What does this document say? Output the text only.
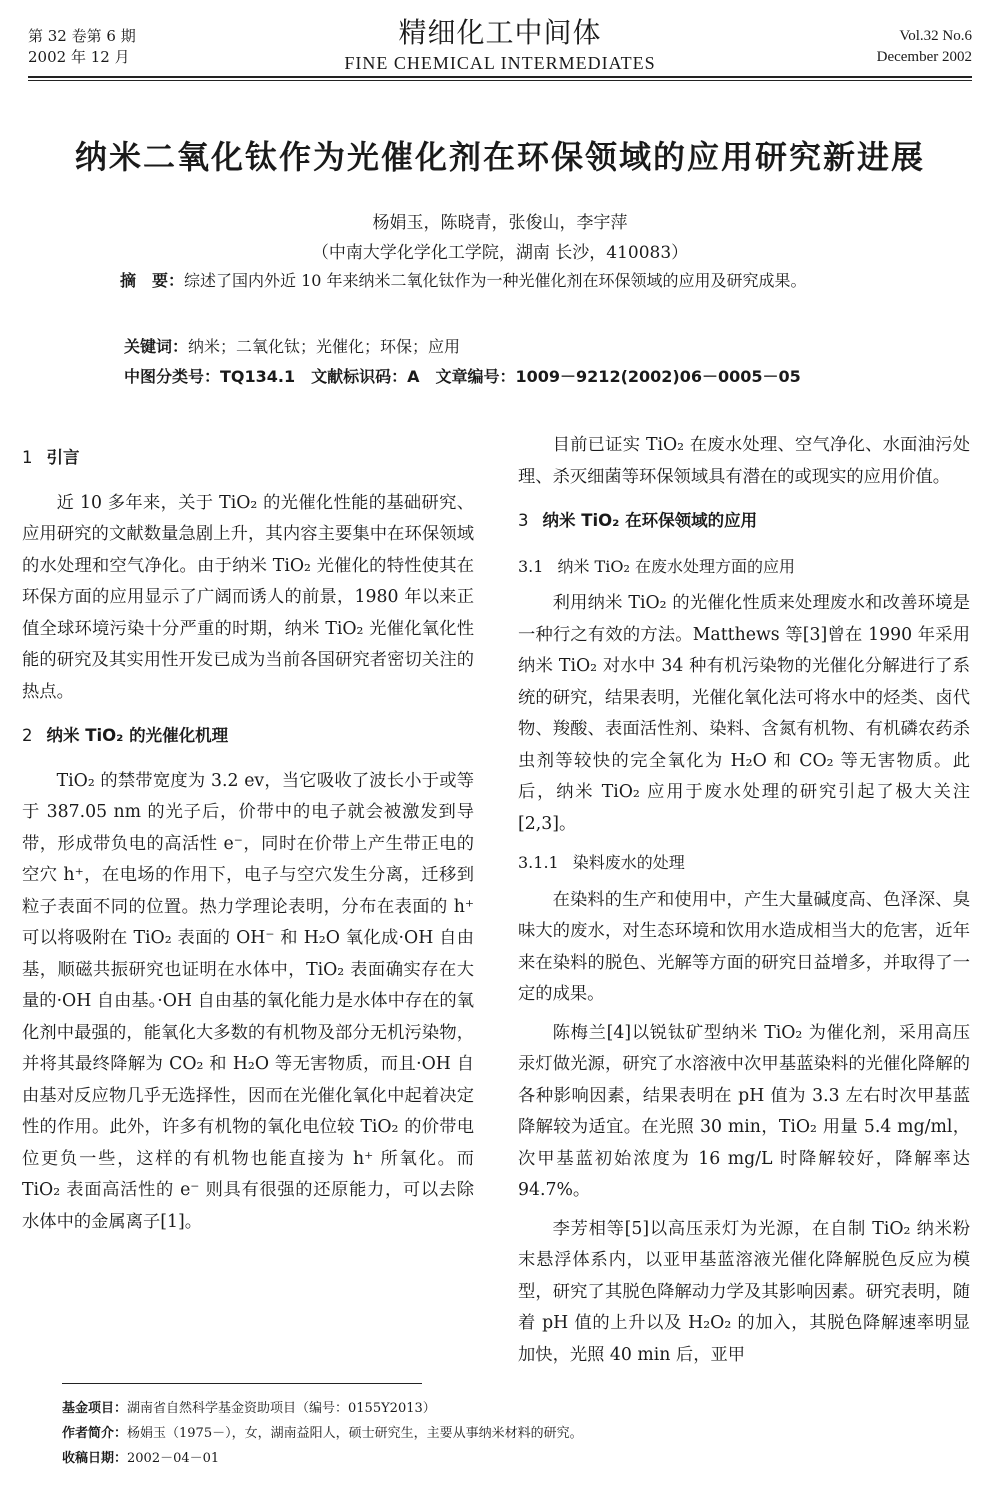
第 32 卷第 6 期
2002 年 12 月
精细化工中间体
FINE CHEMICAL INTERMEDIATES
Vol.32 No.6
December 2002
纳米二氧化钛作为光催化剂在环保领域的应用研究新进展
杨娟玉，陈晓青，张俊山，李宇萍
（中南大学化学化工学院，湖南 长沙，410083）
摘　要：综述了国内外近 10 年来纳米二氧化钛作为一种光催化剂在环保领域的应用及研究成果。
关键词：纳米；二氧化钛；光催化；环保；应用
中图分类号：TQ134.1　文献标识码：A　文章编号：1009－9212(2002)06－0005－05
1 引言

近 10 多年来，关于 TiO₂ 的光催化性能的基础研究、应用研究的文献数量急剧上升，其内容主要集中在环保领域的水处理和空气净化。由于纳米 TiO₂ 光催化的特性使其在环保方面的应用显示了广阔而诱人的前景，1980 年以来正值全球环境污染十分严重的时期，纳米 TiO₂ 光催化氧化性能的研究及其实用性开发已成为当前各国研究者密切关注的热点。

2 纳米 TiO₂ 的光催化机理

TiO₂ 的禁带宽度为 3.2 ev，当它吸收了波长小于或等于 387.05 nm 的光子后，价带中的电子就会被激发到导带，形成带负电的高活性 e⁻，同时在价带上产生带正电的空穴 h⁺，在电场的作用下，电子与空穴发生分离，迁移到粒子表面不同的位置。热力学理论表明，分布在表面的 h⁺ 可以将吸附在 TiO₂ 表面的 OH⁻ 和 H₂O 氧化成·OH 自由基，顺磁共振研究也证明在水体中，TiO₂ 表面确实存在大量的·OH 自由基。·OH 自由基的氧化能力是水体中存在的氧化剂中最强的，能氧化大多数的有机物及部分无机污染物，并将其最终降解为 CO₂ 和 H₂O 等无害物质，而且·OH 自由基对反应物几乎无选择性，因而在光催化氧化中起着决定性的作用。此外，许多有机物的氧化电位较 TiO₂ 的价带电位更负一些，这样的有机物也能直接为 h⁺ 所氧化。而 TiO₂ 表面高活性的 e⁻ 则具有很强的还原能力，可以去除水体中的金属离子[1]。

目前已证实 TiO₂ 在废水处理、空气净化、水面油污处理、杀灭细菌等环保领域具有潜在的或现实的应用价值。

3 纳米 TiO₂ 在环保领域的应用
3.1 纳米 TiO₂ 在废水处理方面的应用

利用纳米 TiO₂ 的光催化性质来处理废水和改善环境是一种行之有效的方法。Matthews 等[3]曾在 1990 年采用纳米 TiO₂ 对水中 34 种有机污染物的光催化分解进行了系统的研究，结果表明，光催化氧化法可将水中的烃类、卤代物、羧酸、表面活性剂、染料、含氮有机物、有机磷农药杀虫剂等较快的完全氧化为 H₂O 和 CO₂ 等无害物质。此后，纳米 TiO₂ 应用于废水处理的研究引起了极大关注[2,3]。

3.1.1 染料废水的处理

在染料的生产和使用中，产生大量碱度高、色泽深、臭味大的废水，对生态环境和饮用水造成相当大的危害，近年来在染料的脱色、光解等方面的研究日益增多，并取得了一定的成果。

陈梅兰[4]以锐钛矿型纳米 TiO₂ 为催化剂，采用高压汞灯做光源，研究了水溶液中次甲基蓝染料的光催化降解的各种影响因素，结果表明在 pH 值为 3.3 左右时次甲基蓝降解较为适宜。在光照 30 min，TiO₂ 用量 5.4 mg/ml，次甲基蓝初始浓度为 16 mg/L 时降解较好，降解率达 94.7%。

李芳相等[5]以高压汞灯为光源，在自制 TiO₂ 纳米粉末悬浮体系内，以亚甲基蓝溶液光催化降解脱色反应为模型，研究了其脱色降解动力学及其影响因素。研究表明，随着 pH 值的上升以及 H₂O₂ 的加入，其脱色降解速率明显加快，光照 40 min 后，亚甲

基金项目：湖南省自然科学基金资助项目（编号：0155Y2013）
作者简介：杨娟玉（1975－），女，湖南益阳人，硕士研究生，主要从事纳米材料的研究。
收稿日期：2002－04－01
